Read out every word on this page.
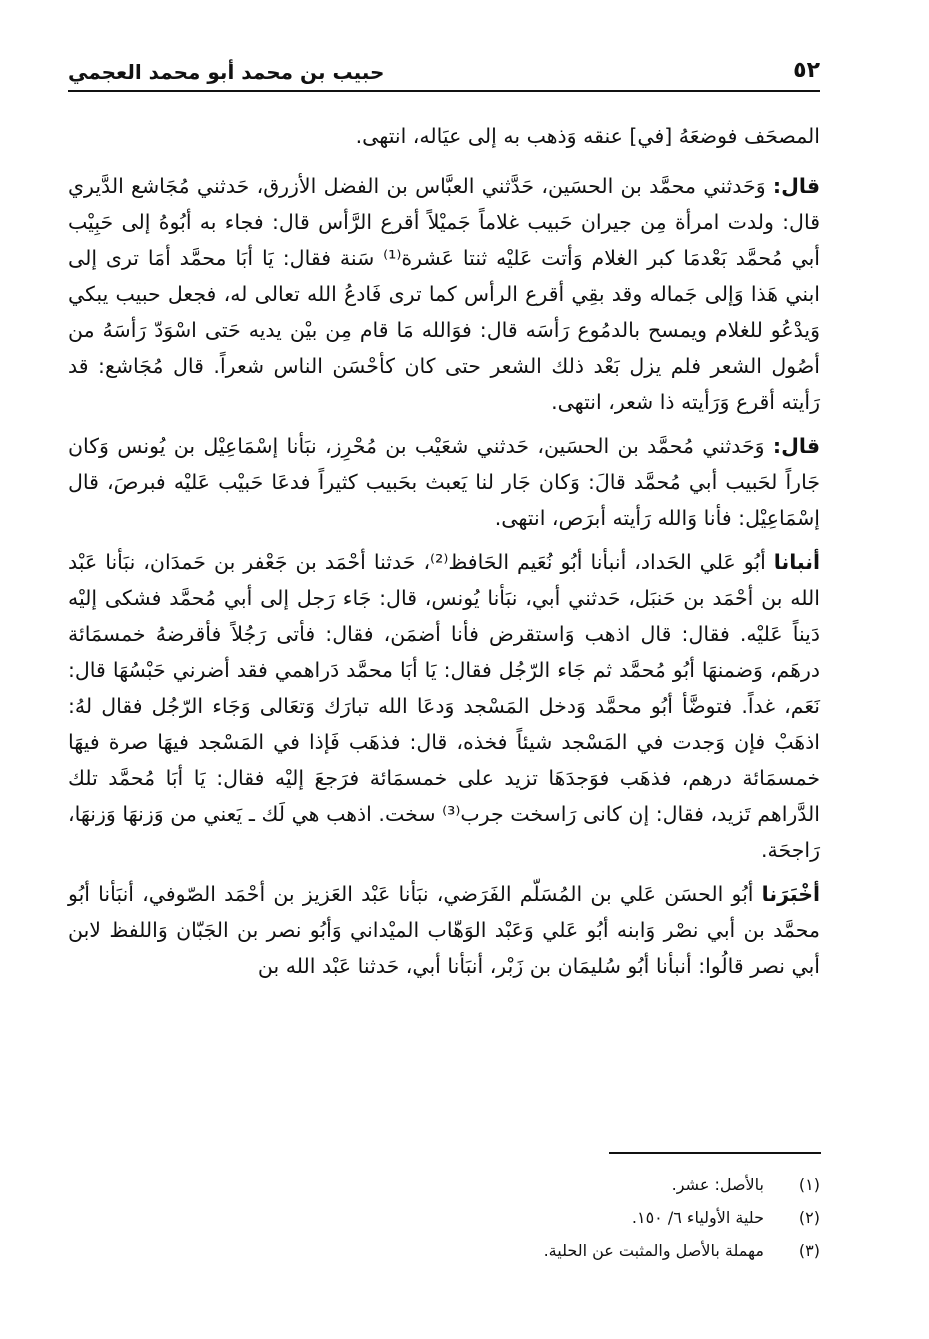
٥٢
حبيب بن محمد أبو محمد العجمي

المصحَف فوضعَهُ [في] عنقه وَذهب به إلى عيَاله، انتهى.

قال: وَحَدثني محمَّد بن الحسَين، حَدَّثني العبَّاس بن الفضل الأزرق، حَدثني مُجَاشع الدَّيري قال: ولدت امرأة مِن جيران حَبيب غلاماً جَميْلاً أقرع الرَّأس قال: فجاء به أبُوهُ إلى حَبِيْب أبي مُحمَّد بَعْدمَا كبر الغلام وَأتت عَليْه ثنتا عَشرة⁽¹⁾ سَنة فقال: يَا أبَا محمَّد أمَا ترى إلى ابني هَذا وَإلى جَماله وقد بقِي أقرع الرأس كما ترى فَادعُ الله تعالى له، فجعل حبيب يبكي وَيدْعُو للغلام ويمسح بالدمُوع رَأسَه قال: فوَالله مَا قام مِن بيْن يديه حَتى اسْوَدّ رَأسَهُ من أصُول الشعر فلم يزل بَعْد ذلك الشعر حتى كان كأحْسَن الناس شعراً. قال مُجَاشع: قد رَأيته أقرع وَرَأيته ذا شعر، انتهى.

قال: وَحَدثني مُحمَّد بن الحسَين، حَدثني شعَيْب بن مُحْرِز، نبَأنا إسْمَاعِيْل بن يُونس وَكان جَاراً لحَبيب أبي مُحمَّد قالَ: وَكان جَار لنا يَعبث بحَبيب كثيراً فدعَا حَبيْب عَليْه فبرصَ، قال إسْمَاعِيْل: فأنا وَالله رَأيته أبرَص، انتهى.

أنبانا أبُو عَلي الحَداد، أنبأنا أبُو نُعَيم الحَافظ⁽²⁾، حَدثنا أحْمَد بن جَعْفر بن حَمدَان، نبَأنا عَبْد الله بن أحْمَد بن حَنبَل، حَدثني أبي، نبَأنا يُونس، قال: جَاء رَجل إلى أبي مُحمَّد فشكى إليْه دَيناً عَليْه. فقال: قال اذهب وَاستقرض فأنا أضمَن، فقال: فأتى رَجُلاً فأقرضهُ خمسمَائة درهَم، وَضمنهَا أبُو مُحمَّد ثم جَاء الرّجُل فقال: يَا أبَا محمَّد دَراهمي فقد أضرني حَبْسُهَا قال: نَعَم، غداً. فتوضَّأ أبُو محمَّد وَدخل المَسْجد وَدعَا الله تبارَك وَتعَالى وَجَاء الرّجُل فقال لهُ: اذهَبْ فإن وَجدت في المَسْجد شيئاً فخذه، قال: فذهَب فَإذا في المَسْجد فيهَا صرة فيهَا خمسمَائة درهم، فذهَب فوَجدَهَا تزيد على خمسمَائة فرَجعَ إليْه فقال: يَا أبَا مُحمَّد تلك الدَّراهم تَزيد، فقال: إن كانى رَاسخت جرب⁽³⁾ سخت. اذهب هي لَك ـ يَعني من وَزنهَا وَزنهَا، رَاجحَة.

أخْبَرَنا أبُو الحسَن عَلي بن المُسَلّم الفَرَضي، نبَأنا عَبْد العَزيز بن أحْمَد الصّوفي، أنبَأنا أبُو محمَّد بن أبي نصْر وَابنه أبُو عَلي وَعَبْد الوَهّاب الميْداني وَأبُو نصر بن الجَبّان وَاللفظ لابن أبي نصر قالُوا: أنبأنا أبُو سُليمَان بن زَبْر، أنبَأنا أبي، حَدثنا عَبْد الله بن

(١)
بالأصل: عشر.
(٢)
حلية الأولياء ٦/ ١٥٠.
(٣)
مهملة بالأصل والمثبت عن الحلية.
